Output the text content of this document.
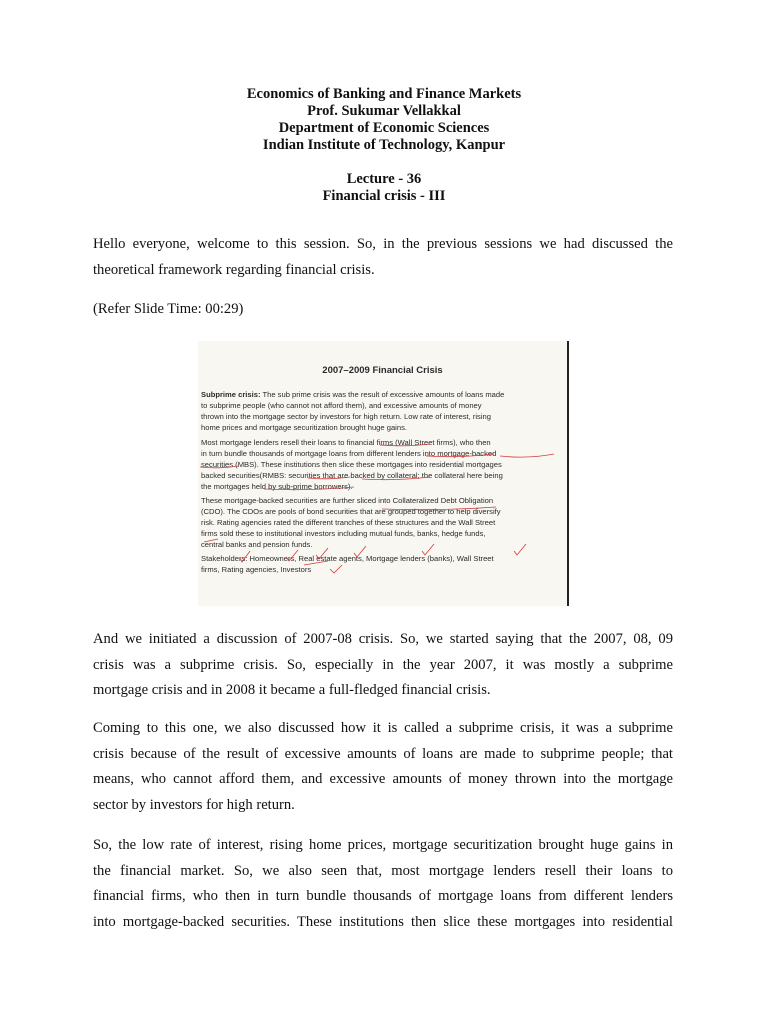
Economics of Banking and Finance Markets
Prof. Sukumar Vellakkal
Department of Economic Sciences
Indian Institute of Technology, Kanpur
Lecture - 36
Financial crisis - III
Hello everyone, welcome to this session. So, in the previous sessions we had discussed the
theoretical framework regarding financial crisis.
(Refer Slide Time: 00:29)
2007–2009 Financial Crisis
Subprime crisis: The sub prime crisis was the result of excessive amounts of loans made
to subprime people (who cannot not afford them), and excessive amounts of money
thrown into the mortgage sector by investors for high return. Low rate of interest, rising
home prices and mortgage securitization brought huge gains.
Most mortgage lenders resell their loans to financial firms (Wall Street firms), who then
in turn bundle thousands of mortgage loans from different lenders into mortgage-backed
securities (MBS). These institutions then slice these mortgages into residential mortgages
backed securities(RMBS: securities that are backed by collateral; the collateral here being
the mortgages held by sub-prime borrowers).
These mortgage-backed securities are further sliced into Collateralized Debt Obligation
(CDO). The CDOs are pools of bond securities that are grouped together to help diversify
risk. Rating agencies rated the different tranches of these structures and the Wall Street
firms sold these to institutional investors including mutual funds, banks, hedge funds,
central banks and pension funds.
Stakeholders: Homeowners, Real estate agents, Mortgage lenders (banks), Wall Street
firms, Rating agencies, Investors
And we initiated a discussion of 2007-08 crisis. So, we started saying that the 2007, 08, 09
crisis was a subprime crisis. So, especially in the year 2007, it was mostly a subprime
mortgage crisis and in 2008 it became a full-fledged financial crisis.
Coming to this one, we also discussed how it is called a subprime crisis, it was a subprime
crisis because of the result of excessive amounts of loans are made to subprime people; that
means, who cannot afford them, and excessive amounts of money thrown into the mortgage
sector by investors for high return.
So, the low rate of interest, rising home prices, mortgage securitization brought huge gains in
the financial market. So, we also seen that, most mortgage lenders resell their loans to
financial firms, who then in turn bundle thousands of mortgage loans from different lenders
into mortgage-backed securities. These institutions then slice these mortgages into residential
